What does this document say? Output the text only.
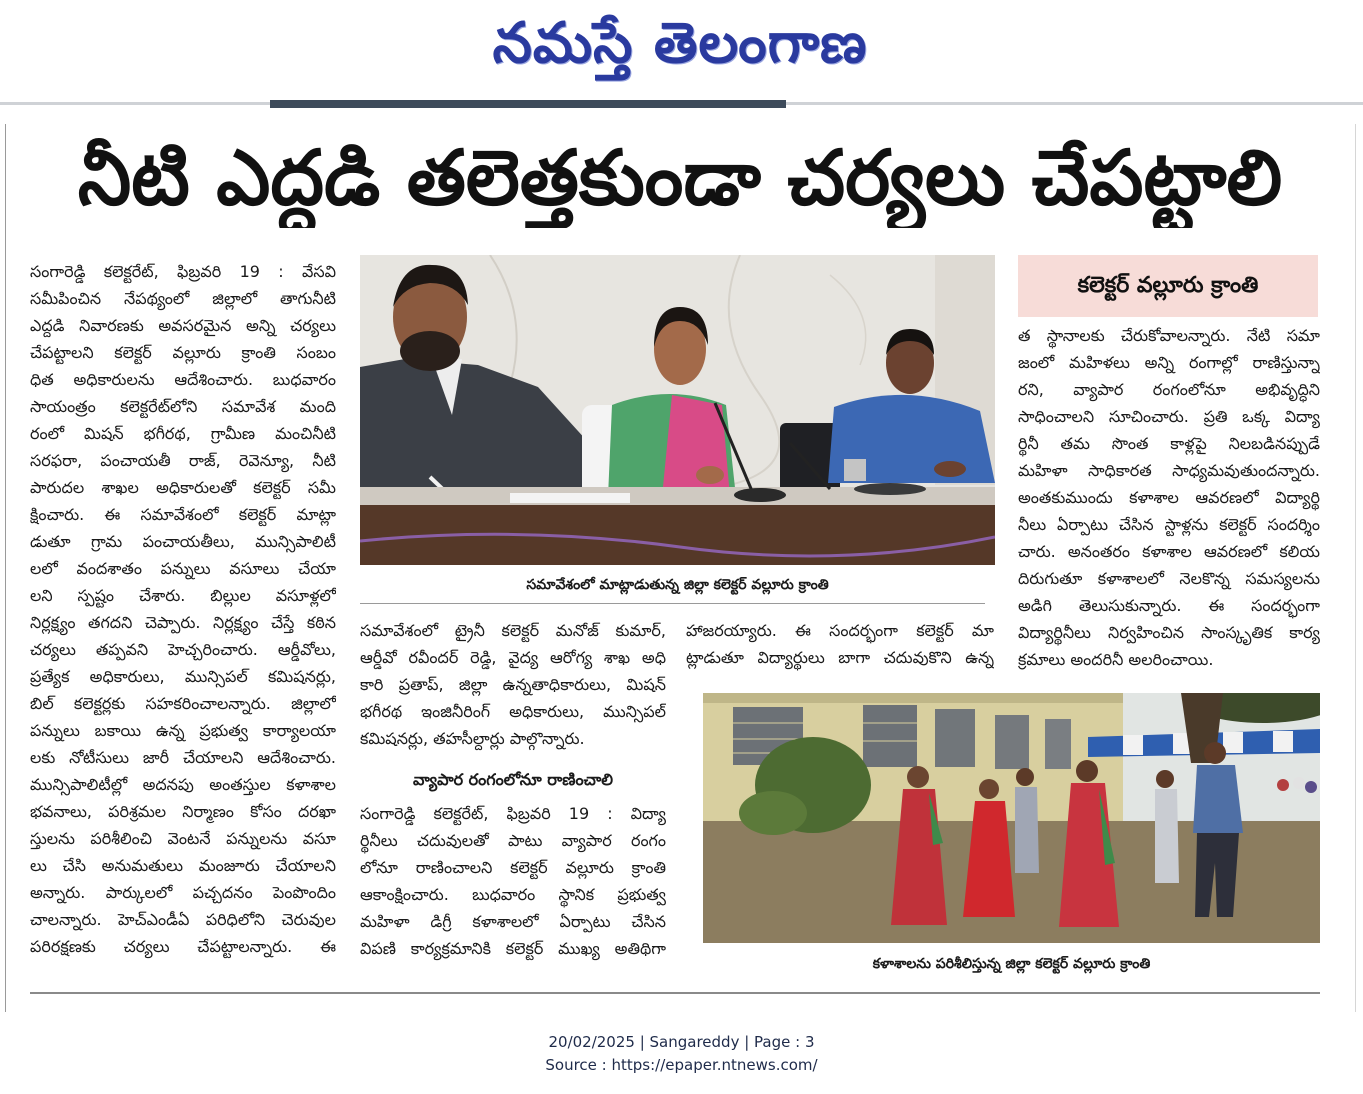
నమస్తే తెలంగాణ
నీటి ఎద్దడి తలెత్తకుండా చర్యలు చేపట్టాలి
సంగారెడ్డి కలెక్టరేట్, ఫిబ్రవరి 19 : వేసవి
సమీపించిన నేపథ్యంలో జిల్లాలో తాగునీటి
ఎద్దడి నివారణకు అవసరమైన అన్ని చర్యలు
చేపట్టాలని కలెక్టర్ వల్లూరు క్రాంతి సంబం
ధిత అధికారులను ఆదేశించారు. బుధవారం
సాయంత్రం కలెక్టరేట్‌లోని సమావేశ మంది
రంలో మిషన్ భగీరథ, గ్రామీణ మంచినీటి
సరఫరా, పంచాయతీ రాజ్, రెవెన్యూ, నీటి
పారుదల శాఖల అధికారులతో కలెక్టర్ సమీ
క్షించారు. ఈ సమావేశంలో కలెక్టర్ మాట్లా
డుతూ గ్రామ పంచాయతీలు, మున్సిపాలిటీ
లలో వందశాతం పన్నులు వసూలు చేయా
లని స్పష్టం చేశారు. బిల్లుల వసూళ్లలో
నిర్లక్ష్యం తగదని చెప్పారు. నిర్లక్ష్యం చేస్తే కఠిన
చర్యలు తప్పవని హెచ్చరించారు. ఆర్డీవోలు,
ప్రత్యేక అధికారులు, మున్సిపల్ కమిషనర్లు,
బిల్ కలెక్టర్లకు సహకరించాలన్నారు. జిల్లాలో
పన్నులు బకాయి ఉన్న ప్రభుత్వ కార్యాలయా
లకు నోటీసులు జారీ చేయాలని ఆదేశించారు.
మున్సిపాలిటీల్లో అదనపు అంతస్తుల కళాశాల
భవనాలు, పరిశ్రమల నిర్మాణం కోసం దరఖా
స్తులను పరిశీలించి వెంటనే పన్నులను వసూ
లు చేసి అనుమతులు మంజూరు చేయాలని
అన్నారు. పార్కులలో పచ్చదనం పెంపొందిం
చాలన్నారు. హెచ్ఎండీఏ పరిధిలోని చెరువుల
పరిరక్షణకు చర్యలు చేపట్టాలన్నారు. ఈ
సమావేశంలో మాట్లాడుతున్న జిల్లా కలెక్టర్ వల్లూరు క్రాంతి
సమావేశంలో ట్రైనీ కలెక్టర్ మనోజ్ కుమార్,
ఆర్డీవో రవీందర్ రెడ్డి, వైద్య ఆరోగ్య శాఖ అధి
కారి ప్రతాప్, జిల్లా ఉన్నతాధికారులు, మిషన్
భగీరథ ఇంజినీరింగ్ అధికారులు, మున్సిపల్
కమిషనర్లు, తహసీల్దార్లు పాల్గొన్నారు.
హాజరయ్యారు. ఈ సందర్భంగా కలెక్టర్ మా
ట్లాడుతూ విద్యార్థులు బాగా చదువుకొని ఉన్న
వ్యాపార రంగంలోనూ రాణించాలి
సంగారెడ్డి కలెక్టరేట్, ఫిబ్రవరి 19 : విద్యా
ర్థినీలు చదువులతో పాటు వ్యాపార రంగం
లోనూ రాణించాలని కలెక్టర్ వల్లూరు క్రాంతి
ఆకాంక్షించారు. బుధవారం స్థానిక ప్రభుత్వ
మహిళా డిగ్రీ కళాశాలలో ఏర్పాటు చేసిన
విపణి కార్యక్రమానికి కలెక్టర్ ముఖ్య అతిథిగా
కలెక్టర్ వల్లూరు క్రాంతి
త స్థానాలకు చేరుకోవాలన్నారు. నేటి సమా
జంలో మహిళలు అన్ని రంగాల్లో రాణిస్తున్నా
రని, వ్యాపార రంగంలోనూ అభివృద్ధిని
సాధించాలని సూచించారు. ప్రతి ఒక్క విద్యా
ర్థినీ తమ సొంత కాళ్లపై నిలబడినప్పుడే
మహిళా సాధికారత సాధ్యమవుతుందన్నారు.
అంతకుముందు కళాశాల ఆవరణలో విద్యార్థి
నీలు ఏర్పాటు చేసిన స్టాళ్లను కలెక్టర్ సందర్శిం
చారు. అనంతరం కళాశాల ఆవరణలో కలియ
దిరుగుతూ కళాశాలలో నెలకొన్న సమస్యలను
అడిగి తెలుసుకున్నారు. ఈ సందర్భంగా
విద్యార్థినీలు నిర్వహించిన సాంస్కృతిక కార్య
క్రమాలు అందరినీ అలరించాయి.
కళాశాలను పరిశీలిస్తున్న జిల్లా కలెక్టర్ వల్లూరు క్రాంతి
20/02/2025 | Sangareddy | Page : 3
Source : https://epaper.ntnews.com/
